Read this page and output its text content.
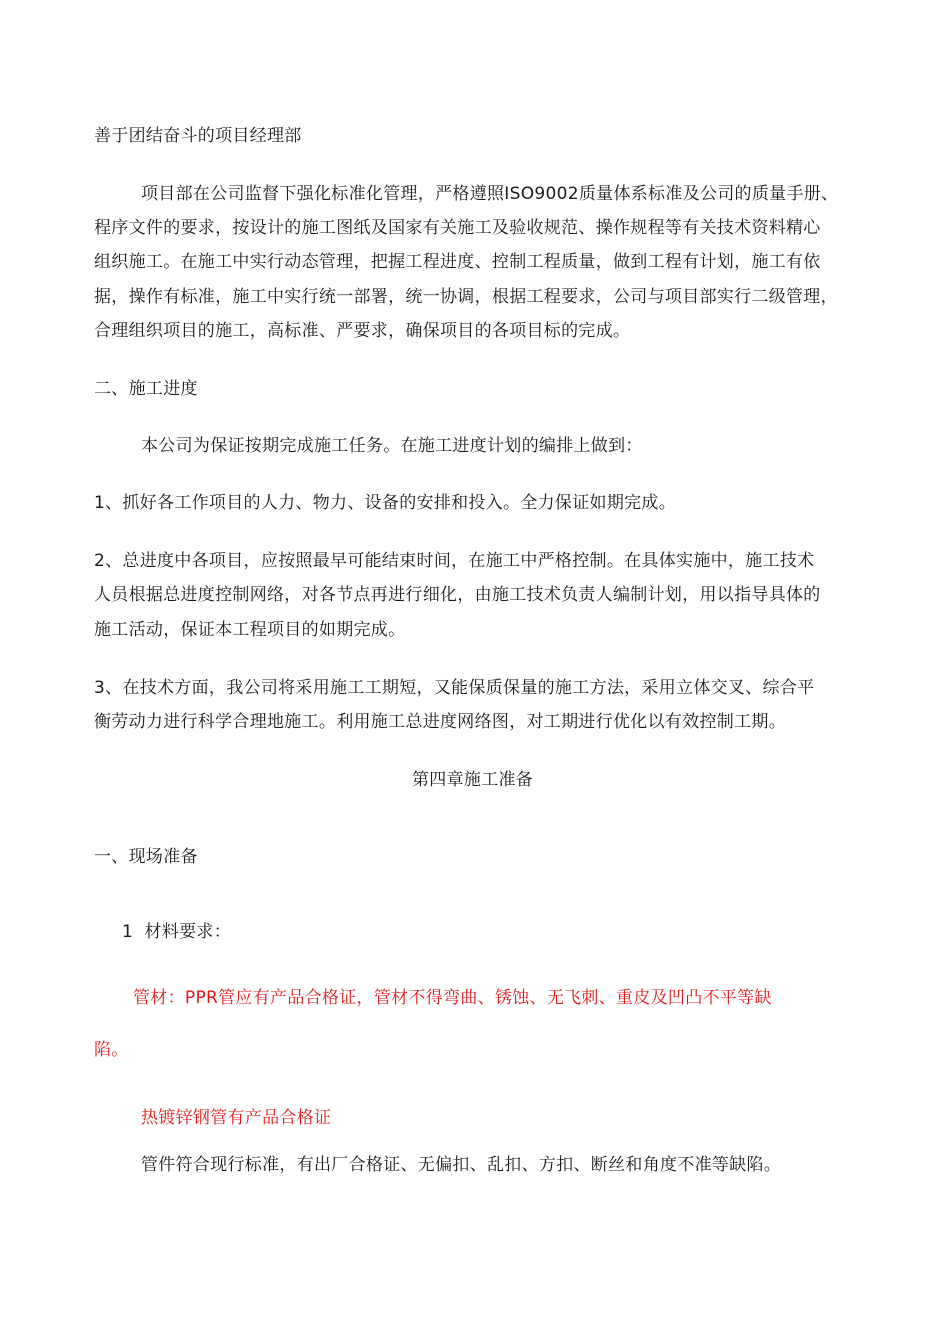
善于团结奋斗的项目经理部
项目部在公司监督下强化标准化管理，严格遵照ISO9002质量体系标准及公司的质量手册、
程序文件的要求，按设计的施工图纸及国家有关施工及验收规范、操作规程等有关技术资料精心
组织施工。在施工中实行动态管理，把握工程进度、控制工程质量，做到工程有计划，施工有依
据，操作有标准，施工中实行统一部署，统一协调，根据工程要求，公司与项目部实行二级管理，
合理组织项目的施工，高标准、严要求，确保项目的各项目标的完成。
二、施工进度
本公司为保证按期完成施工任务。在施工进度计划的编排上做到：
1、抓好各工作项目的人力、物力、设备的安排和投入。全力保证如期完成。
2、总进度中各项目，应按照最早可能结束时间，在施工中严格控制。在具体实施中，施工技术
人员根据总进度控制网络，对各节点再进行细化，由施工技术负责人编制计划，用以指导具体的
施工活动，保证本工程项目的如期完成。
3、在技术方面，我公司将采用施工工期短，又能保质保量的施工方法，采用立体交叉、综合平
衡劳动力进行科学合理地施工。利用施工总进度网络图，对工期进行优化以有效控制工期。
第四章施工准备
一、现场准备
1  材料要求：
管材：PPR管应有产品合格证，管材不得弯曲、锈蚀、无飞刺、重皮及凹凸不平等缺
陷。
热镀锌钢管有产品合格证
管件符合现行标准，有出厂合格证、无偏扣、乱扣、方扣、断丝和角度不准等缺陷。
